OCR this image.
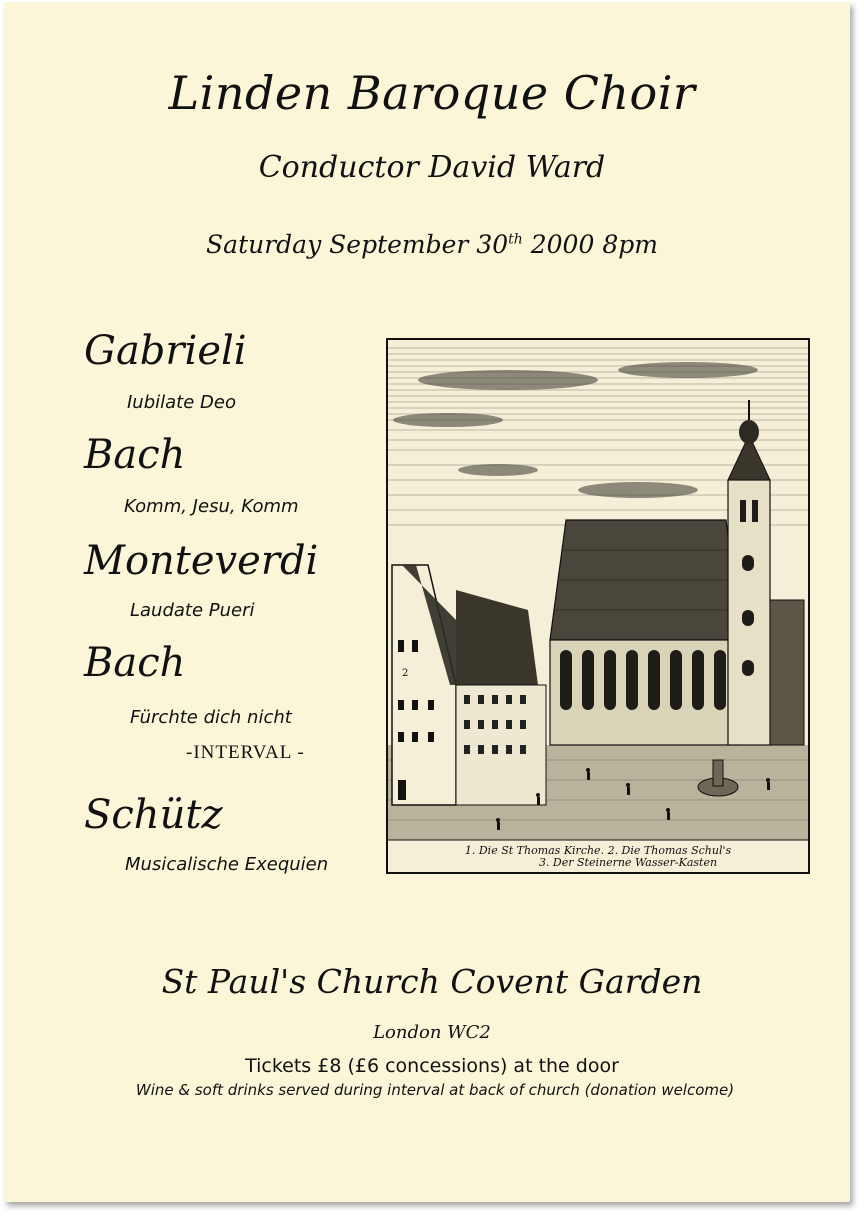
Linden Baroque Choir
Conductor David Ward
Saturday September 30th 2000 8pm
Gabrieli
Iubilate Deo
Bach
Komm, Jesu, Komm
Monteverdi
Laudate Pueri
Bach
Fürchte dich nicht
-INTERVAL -
Schütz
Musicalische Exequien
2
1. Die St Thomas Kirche. 2. Die Thomas Schul's
3. Der Steinerne Wasser-Kasten
St Paul's Church Covent Garden
London WC2
Tickets £8 (£6 concessions) at the door
Wine & soft drinks served during interval at back of church (donation welcome)
